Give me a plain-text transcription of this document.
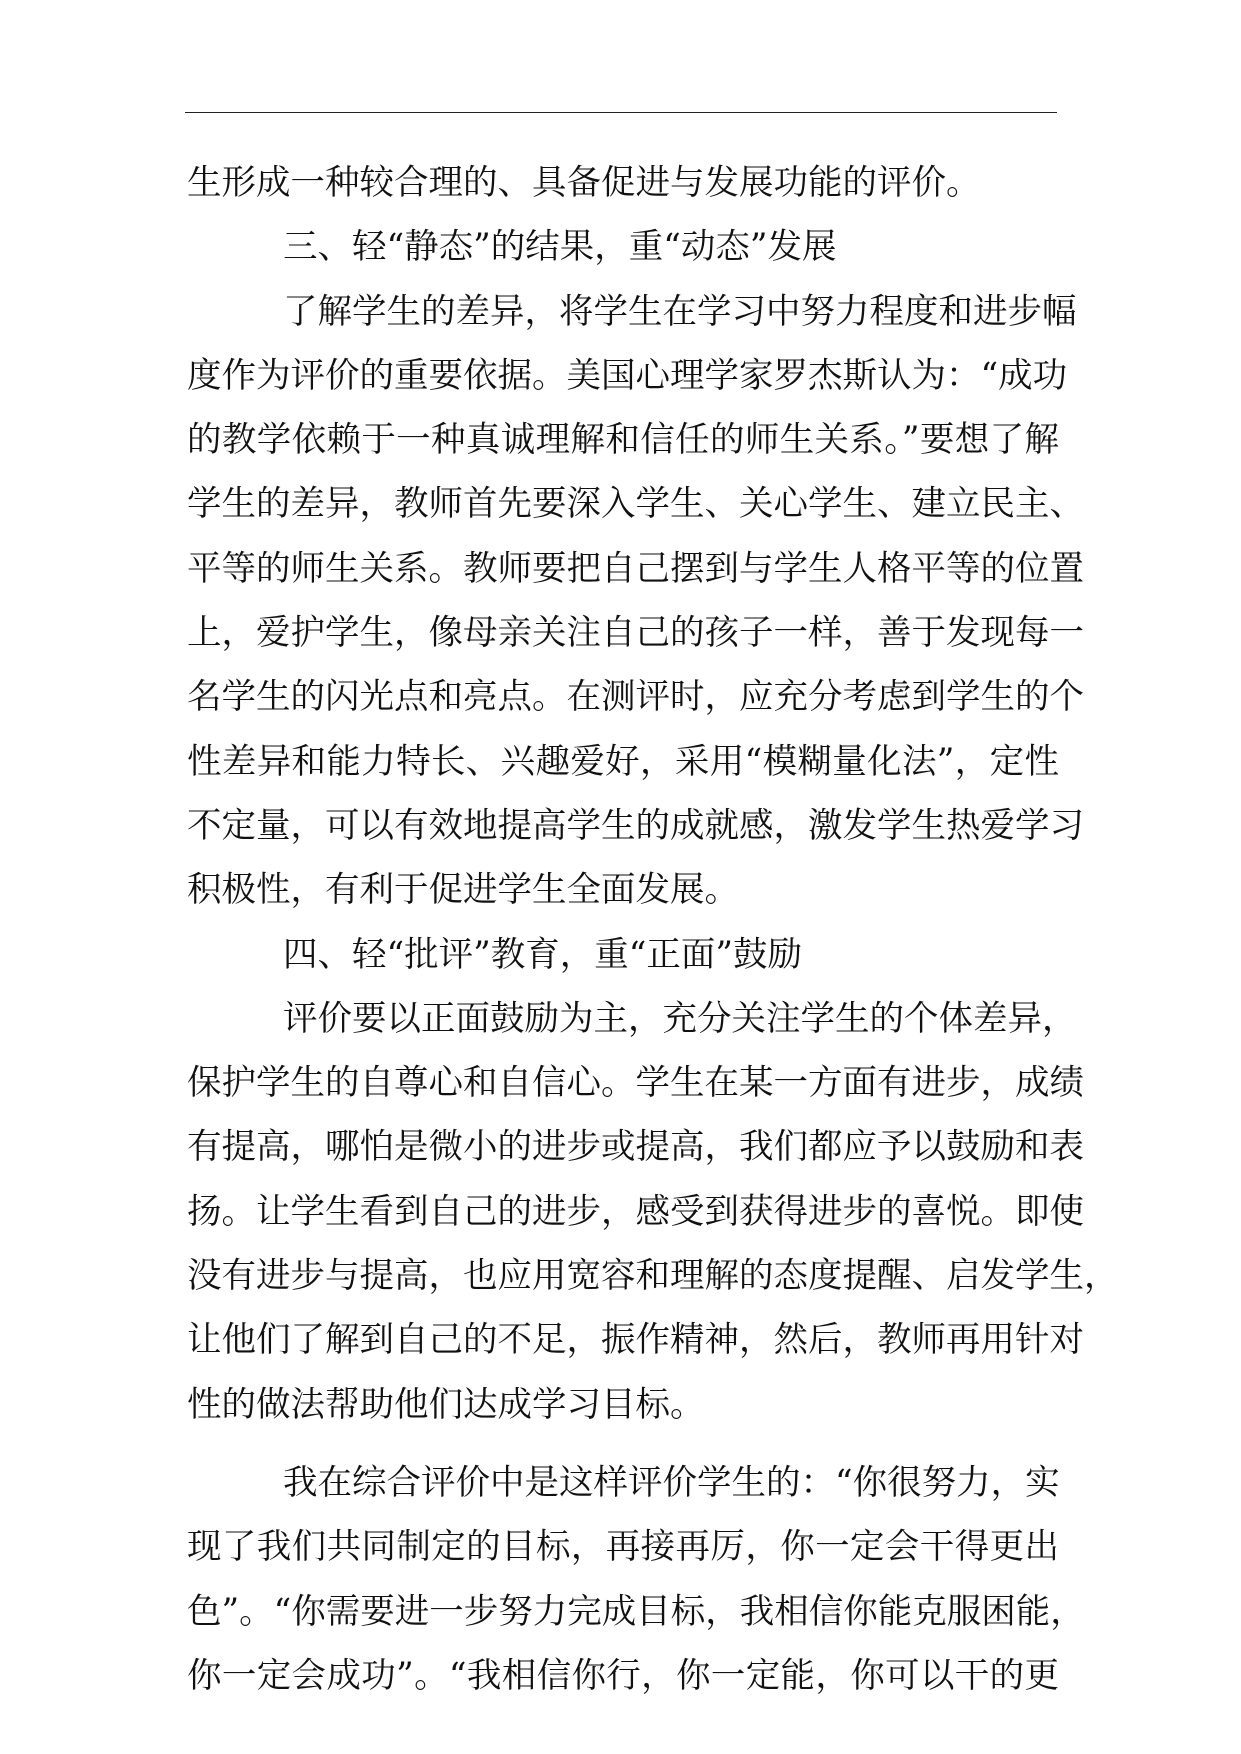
生形成一种较合理的、具备促进与发展功能的评价。

三、轻“静态”的结果，重“动态”发展

了解学生的差异，将学生在学习中努力程度和进步幅

度作为评价的重要依据。美国心理学家罗杰斯认为：“成功

的教学依赖于一种真诚理解和信任的师生关系。”要想了解

学生的差异，教师首先要深入学生、关心学生、建立民主、

平等的师生关系。教师要把自己摆到与学生人格平等的位置

上，爱护学生，像母亲关注自己的孩子一样，善于发现每一

名学生的闪光点和亮点。在测评时，应充分考虑到学生的个

性差异和能力特长、兴趣爱好，采用“模糊量化法”，定性

不定量，可以有效地提高学生的成就感，激发学生热爱学习

积极性，有利于促进学生全面发展。

四、轻“批评”教育，重“正面”鼓励

评价要以正面鼓励为主，充分关注学生的个体差异，

保护学生的自尊心和自信心。学生在某一方面有进步，成绩

有提高，哪怕是微小的进步或提高，我们都应予以鼓励和表

扬。让学生看到自己的进步，感受到获得进步的喜悦。即使

没有进步与提高，也应用宽容和理解的态度提醒、启发学生，

让他们了解到自己的不足，振作精神，然后，教师再用针对

性的做法帮助他们达成学习目标。

我在综合评价中是这样评价学生的：“你很努力，实

现了我们共同制定的目标，再接再厉，你一定会干得更出

色”。“你需要进一步努力完成目标，我相信你能克服困能，

你一定会成功”。“我相信你行，你一定能，你可以干的更
